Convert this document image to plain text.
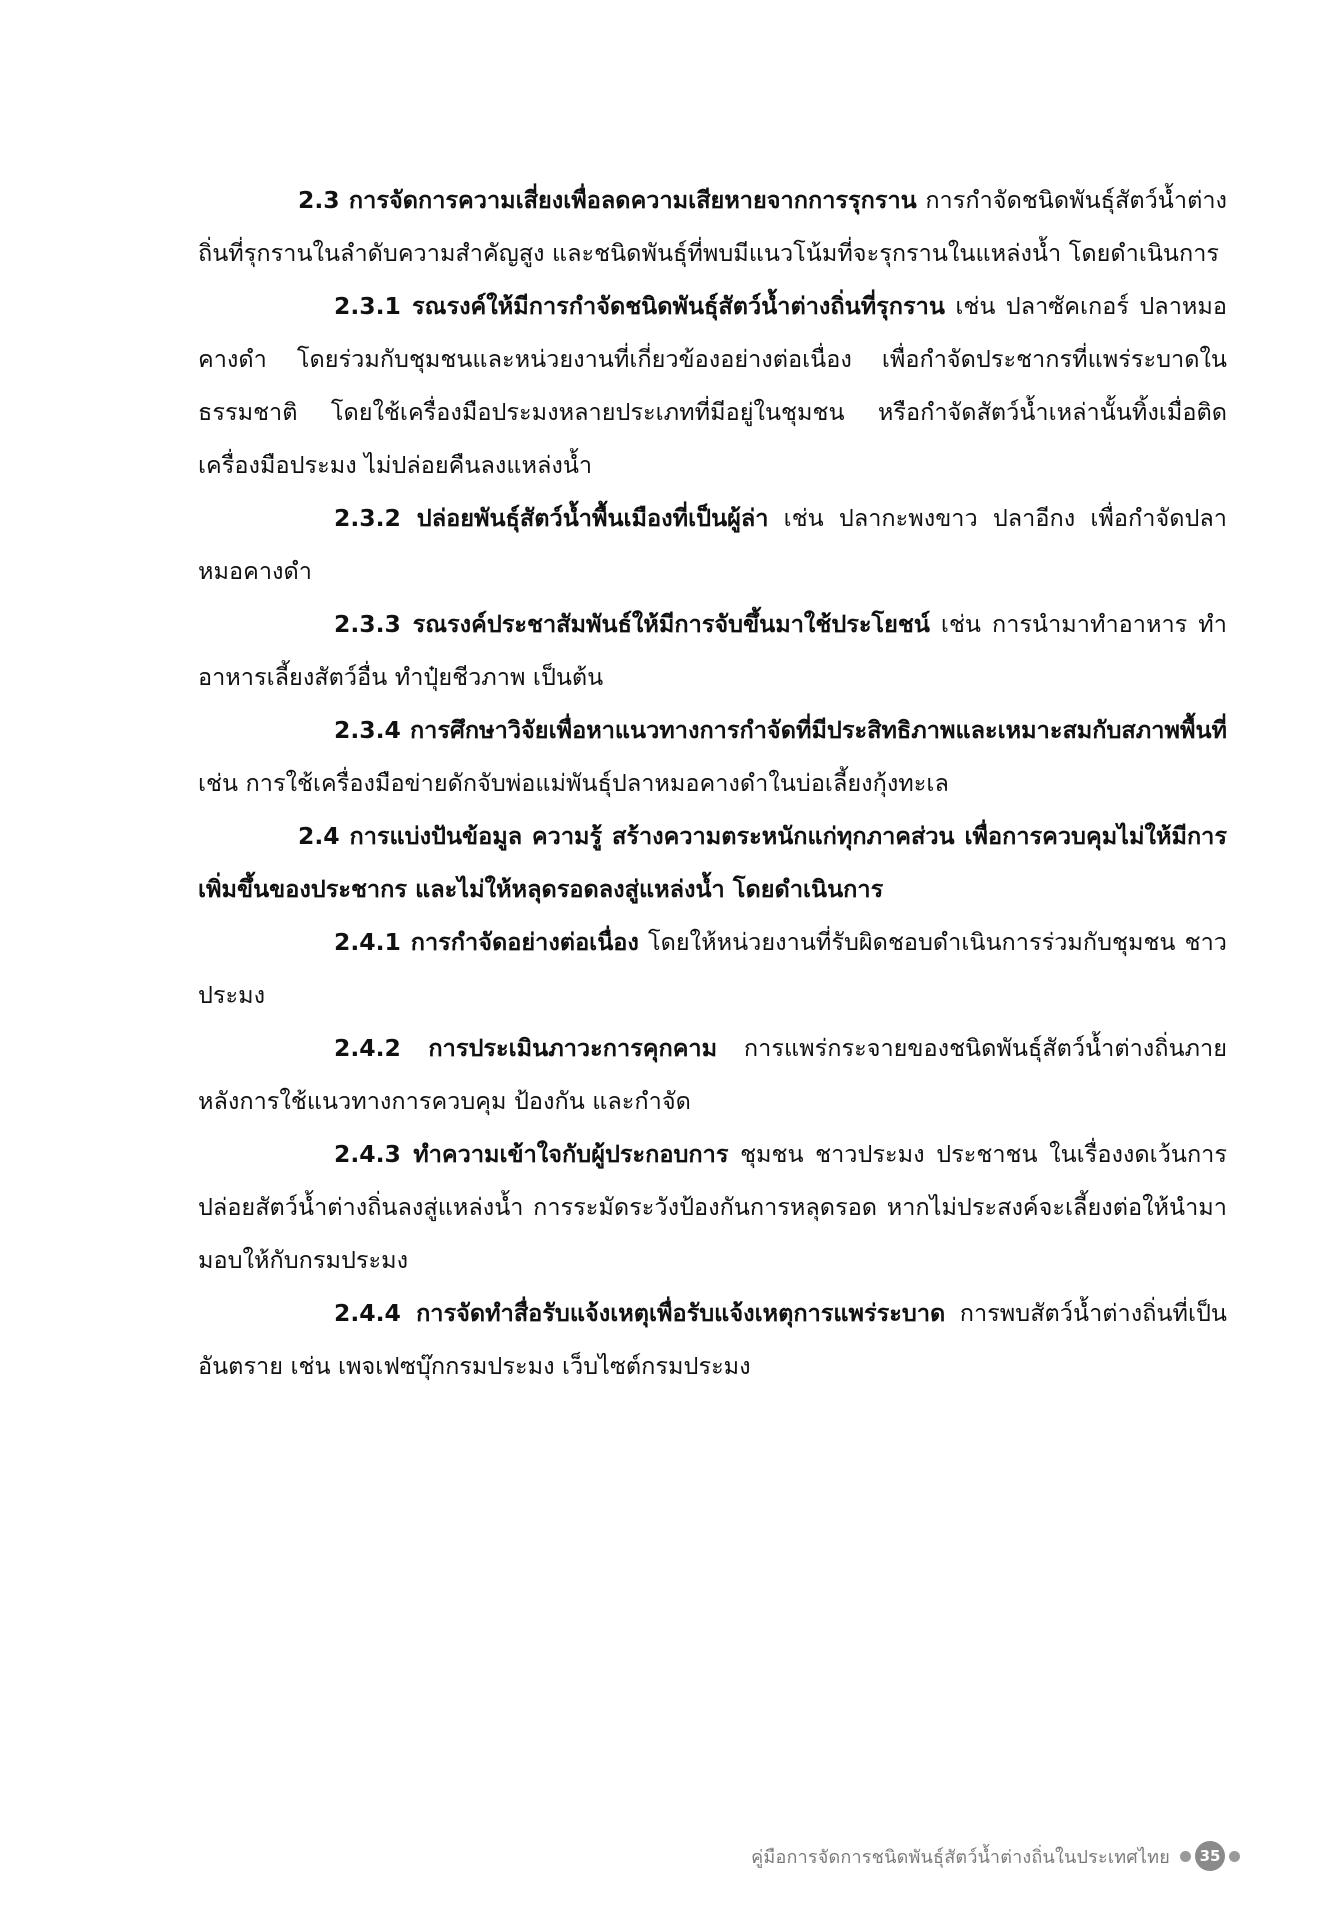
2.3 การจัดการความเสี่ยงเพื่อลดความเสียหายจากการรุกราน การกำจัดชนิดพันธุ์สัตว์น้ำต่างถิ่นที่รุกรานในลำดับความสำคัญสูง และชนิดพันธุ์ที่พบมีแนวโน้มที่จะรุกรานในแหล่งน้ำ โดยดำเนินการ

2.3.1 รณรงค์ให้มีการกำจัดชนิดพันธุ์สัตว์น้ำต่างถิ่นที่รุกราน เช่น ปลาซัคเกอร์ ปลาหมอคางดำ โดยร่วมกับชุมชนและหน่วยงานที่เกี่ยวข้องอย่างต่อเนื่อง เพื่อกำจัดประชากรที่แพร่ระบาดในธรรมชาติ โดยใช้เครื่องมือประมงหลายประเภทที่มีอยู่ในชุมชน หรือกำจัดสัตว์น้ำเหล่านั้นทิ้งเมื่อติดเครื่องมือประมง ไม่ปล่อยคืนลงแหล่งน้ำ

2.3.2 ปล่อยพันธุ์สัตว์น้ำพื้นเมืองที่เป็นผู้ล่า เช่น ปลากะพงขาว ปลาอีกง เพื่อกำจัดปลาหมอคางดำ

2.3.3 รณรงค์ประชาสัมพันธ์ให้มีการจับขึ้นมาใช้ประโยชน์ เช่น การนำมาทำอาหาร ทำอาหารเลี้ยงสัตว์อื่น ทำปุ๋ยชีวภาพ เป็นต้น

2.3.4 การศึกษาวิจัยเพื่อหาแนวทางการกำจัดที่มีประสิทธิภาพและเหมาะสมกับสภาพพื้นที่ เช่น การใช้เครื่องมือข่ายดักจับพ่อแม่พันธุ์ปลาหมอคางดำในบ่อเลี้ยงกุ้งทะเล

2.4 การแบ่งปันข้อมูล ความรู้ สร้างความตระหนักแก่ทุกภาคส่วน เพื่อการควบคุมไม่ให้มีการเพิ่มขึ้นของประชากร และไม่ให้หลุดรอดลงสู่แหล่งน้ำ โดยดำเนินการ

2.4.1 การกำจัดอย่างต่อเนื่อง โดยให้หน่วยงานที่รับผิดชอบดำเนินการร่วมกับชุมชน ชาวประมง

2.4.2 การประเมินภาวะการคุกคาม การแพร่กระจายของชนิดพันธุ์สัตว์น้ำต่างถิ่นภายหลังการใช้แนวทางการควบคุม ป้องกัน และกำจัด

2.4.3 ทำความเข้าใจกับผู้ประกอบการ ชุมชน ชาวประมง ประชาชน ในเรื่องงดเว้นการปล่อยสัตว์น้ำต่างถิ่นลงสู่แหล่งน้ำ การระมัดระวังป้องกันการหลุดรอด หากไม่ประสงค์จะเลี้ยงต่อให้นำมามอบให้กับกรมประมง

2.4.4 การจัดทำสื่อรับแจ้งเหตุเพื่อรับแจ้งเหตุการแพร่ระบาด การพบสัตว์น้ำต่างถิ่นที่เป็นอันตราย เช่น เพจเฟซบุ๊กกรมประมง เว็บไซต์กรมประมง

คู่มือการจัดการชนิดพันธุ์สัตว์น้ำต่างถิ่นในประเทศไทย	35
